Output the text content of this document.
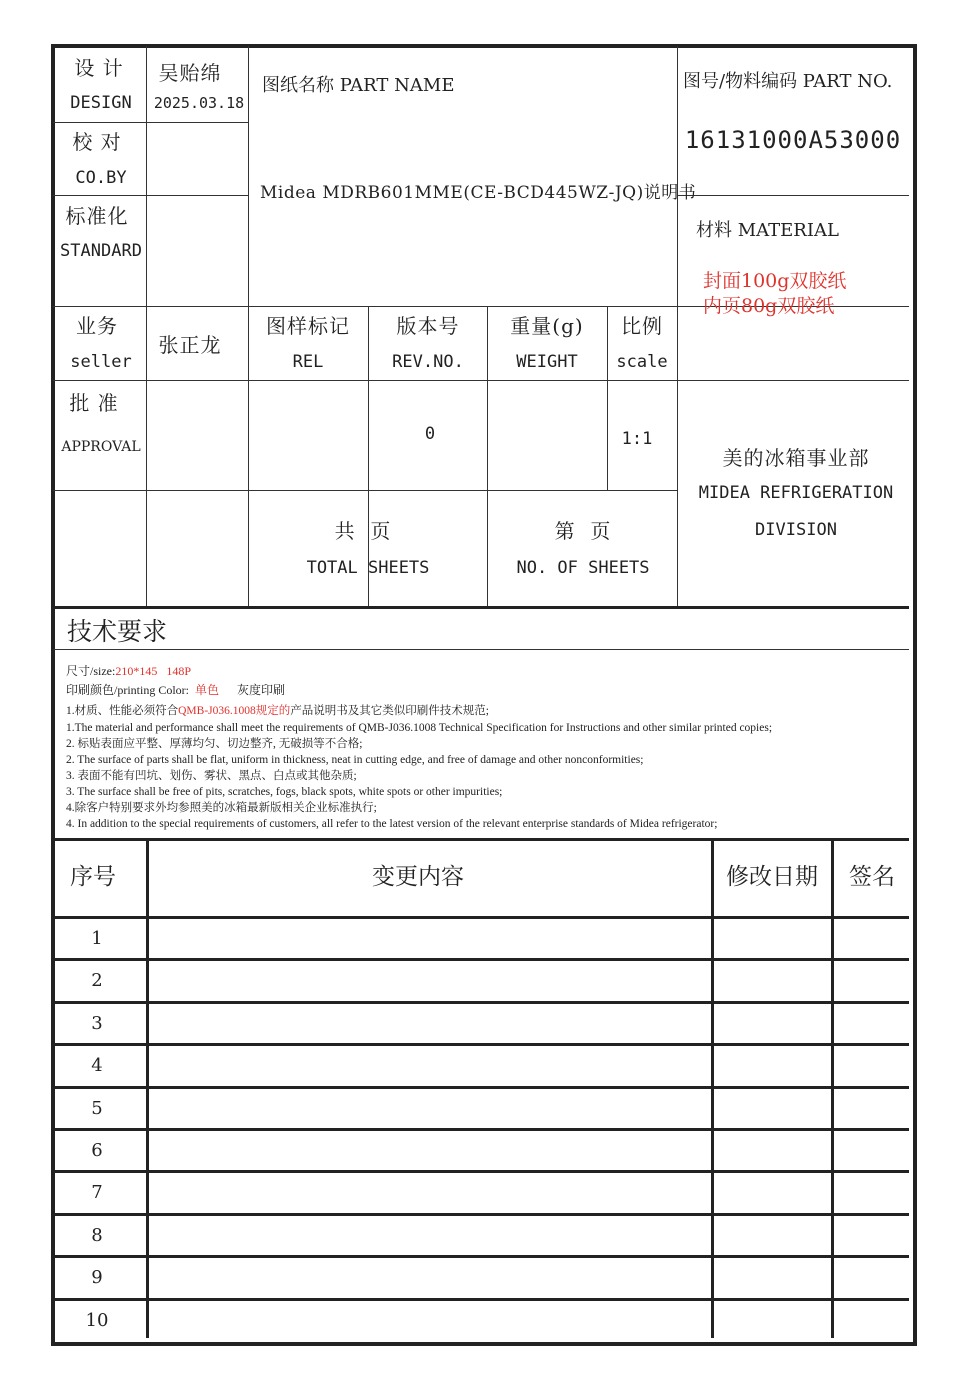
设 计
DESIGN
吴贻绵
2025.03.18
校 对
CO.BY
标准化
STANDARD
业务
seller
张正龙
批 准
APPROVAL
图纸名称 PART NAME
Midea MDRB601MME(CE-BCD445WZ-JQ)说明书
图号/物料编码 PART NO.
16131000A53000
材料 MATERIAL
封面100g双胶纸
内页80g双胶纸
图样标记
REL
版本号
REV.NO.
0
重量(g)
WEIGHT
比例
scale
1:1
共  页
TOTAL SHEETS
第  页
NO. OF SHEETS
美的冰箱事业部
MIDEA REFRIGERATION
DIVISION
技术要求
尺寸/size:210*145   148P
印刷颜色/printing Color: 单色 灰度印刷
1.材质、性能必须符合QMB-J036.1008规定的产品说明书及其它类似印刷件技术规范;
1.The material and performance shall meet the requirements of QMB-J036.1008 Technical Specification for Instructions and other similar printed copies;
2. 标贴表面应平整、厚薄均匀、切边整齐, 无破损等不合格;
2. The surface of parts shall be flat, uniform in thickness, neat in cutting edge, and free of damage and other nonconformities;
3. 表面不能有凹坑、划伤、雾状、黑点、白点或其他杂质;
3. The surface shall be free of pits, scratches, fogs, black spots, white spots or other impurities;
4.除客户特别要求外均参照美的冰箱最新版相关企业标准执行;
4. In addition to the special requirements of customers, all refer to the latest version of the relevant enterprise standards of Midea refrigerator;
序号	变更内容	修改日期 签名
1
2
3
4
5
6
7
8
9
10
